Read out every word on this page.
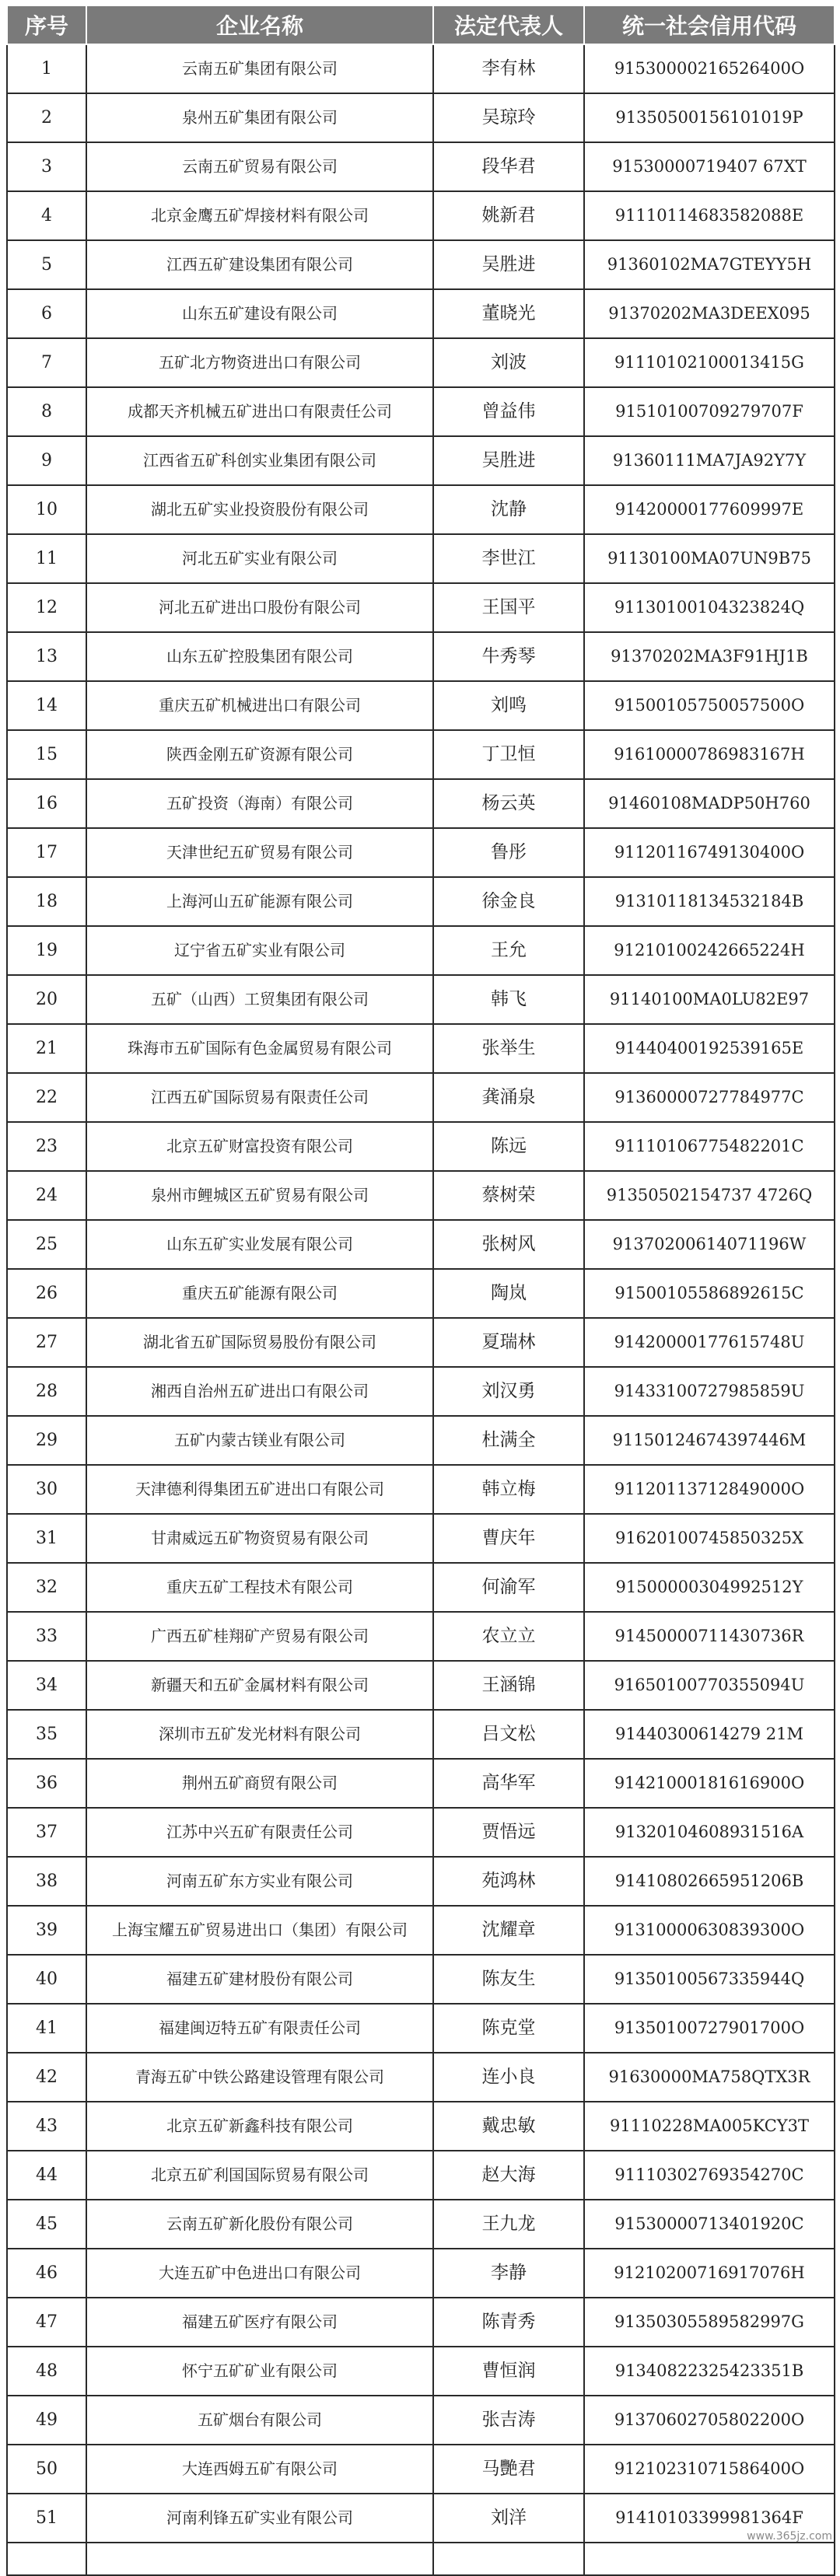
序号	企业名称	法定代表人	统一社会信用代码
1	云南五矿集团有限公司	李有林	91530000216526400O
2	泉州五矿集团有限公司	吴琼玲	91350500156101019P
3	云南五矿贸易有限公司	段华君	91530000719407 67XT
4	北京金鹰五矿焊接材料有限公司	姚新君	91110114683582088E
5	江西五矿建设集团有限公司	吴胜进	91360102MA7GTEYY5H
6	山东五矿建设有限公司	董晓光	91370202MA3DEEX095
7	五矿北方物资进出口有限公司	刘波	91110102100013415G
8	成都天齐机械五矿进出口有限责任公司	曾益伟	91510100709279707F
9	江西省五矿科创实业集团有限公司	吴胜进	91360111MA7JA92Y7Y
10	湖北五矿实业投资股份有限公司	沈静	91420000177609997E
11	河北五矿实业有限公司	李世江	91130100MA07UN9B75
12	河北五矿进出口股份有限公司	王国平	91130100104323824Q
13	山东五矿控股集团有限公司	牛秀琴	91370202MA3F91HJ1B
14	重庆五矿机械进出口有限公司	刘鸣	91500105750057500O
15	陕西金刚五矿资源有限公司	丁卫恒	91610000786983167H
16	五矿投资（海南）有限公司	杨云英	91460108MADP50H760
17	天津世纪五矿贸易有限公司	鲁彤	91120116749130400O
18	上海河山五矿能源有限公司	徐金良	91310118134532184B
19	辽宁省五矿实业有限公司	王允	91210100242665224H
20	五矿（山西）工贸集团有限公司	韩飞	91140100MA0LU82E97
21	珠海市五矿国际有色金属贸易有限公司	张举生	91440400192539165E
22	江西五矿国际贸易有限责任公司	龚涌泉	91360000727784977C
23	北京五矿财富投资有限公司	陈远	91110106775482201C
24	泉州市鲤城区五矿贸易有限公司	蔡树荣	91350502154737 4726Q
25	山东五矿实业发展有限公司	张树风	91370200614071196W
26	重庆五矿能源有限公司	陶岚	91500105586892615C
27	湖北省五矿国际贸易股份有限公司	夏瑞林	91420000177615748U
28	湘西自治州五矿进出口有限公司	刘汉勇	91433100727985859U
29	五矿内蒙古镁业有限公司	杜满全	91150124674397446M
30	天津德利得集团五矿进出口有限公司	韩立梅	91120113712849000O
31	甘肃威远五矿物资贸易有限公司	曹庆年	91620100745850325X
32	重庆五矿工程技术有限公司	何渝军	91500000304992512Y
33	广西五矿桂翔矿产贸易有限公司	农立立	91450000711430736R
34	新疆天和五矿金属材料有限公司	王涵锦	91650100770355094U
35	深圳市五矿发光材料有限公司	吕文松	91440300614279 21M
36	荆州五矿商贸有限公司	高华军	91421000181616900O
37	江苏中兴五矿有限责任公司	贾悟远	91320104608931516A
38	河南五矿东方实业有限公司	苑鸿林	91410802665951206B
39	上海宝耀五矿贸易进出口（集团）有限公司	沈耀章	91310000630839300O
40	福建五矿建材股份有限公司	陈友生	91350100567335944Q
41	福建闽迈特五矿有限责任公司	陈克堂	91350100727901700O
42	青海五矿中铁公路建设管理有限公司	连小良	91630000MA758QTX3R
43	北京五矿新鑫科技有限公司	戴忠敏	91110228MA005KCY3T
44	北京五矿利国国际贸易有限公司	赵大海	91110302769354270C
45	云南五矿新化股份有限公司	王九龙	91530000713401920C
46	大连五矿中色进出口有限公司	李静	91210200716917076H
47	福建五矿医疗有限公司	陈青秀	91350305589582997G
48	怀宁五矿矿业有限公司	曹恒润	91340822325423351B
49	五矿烟台有限公司	张吉涛	91370602705802200O
50	大连西姆五矿有限公司	马艷君	91210231071586400O
51	河南利锋五矿实业有限公司	刘洋	91410103399981364F

www.365jz.com
